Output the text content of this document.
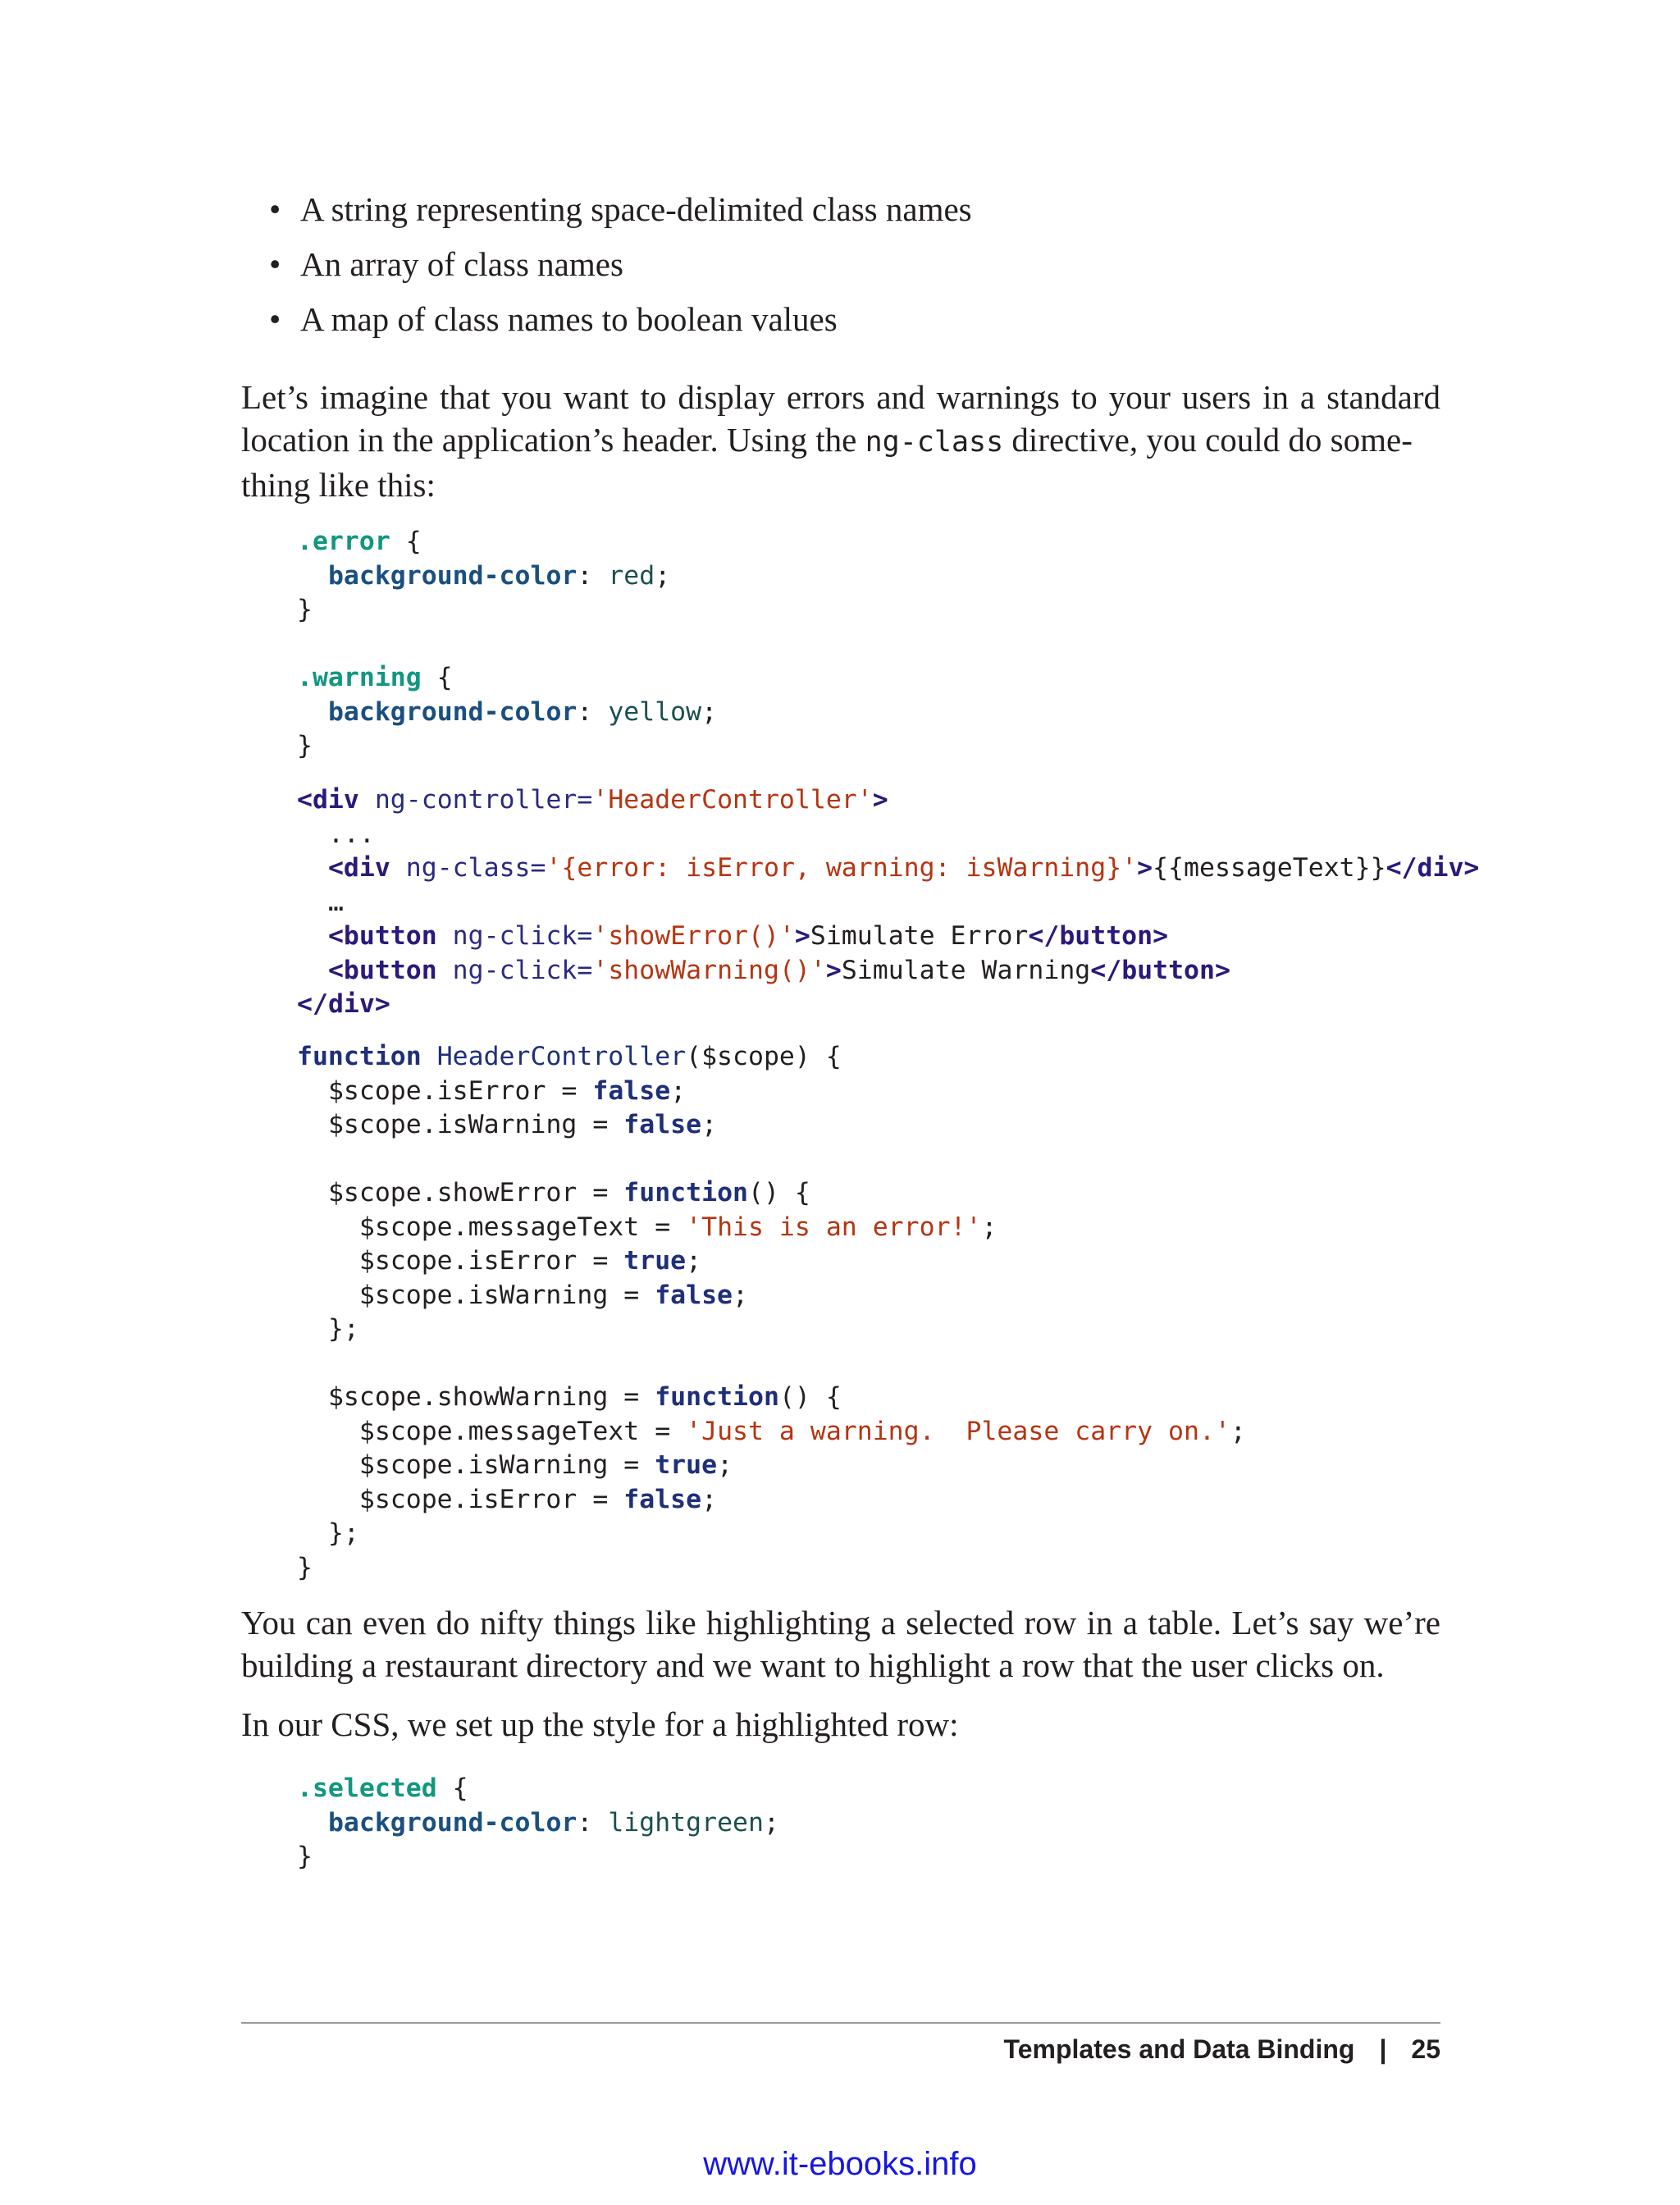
• A string representing space-delimited class names
• An array of class names
• A map of class names to boolean values

Let’s imagine that you want to display errors and warnings to your users in a standard location in the application’s header. Using the ng-class directive, you could do some-
thing like this:

.error {
background-color: red;
}

.warning {
background-color: yellow;
}
<div ng-controller='HeaderController'>
...
<div ng-class='{error: isError, warning: isWarning}'>{{messageText}}</div>
…
<button ng-click='showError()'>Simulate Error</button>
<button ng-click='showWarning()'>Simulate Warning</button>
</div>
function HeaderController($scope) {
$scope.isError = false;
$scope.isWarning = false;

$scope.showError = function() {
$scope.messageText = 'This is an error!';
$scope.isError = true;
$scope.isWarning = false;
};

$scope.showWarning = function() {
$scope.messageText = 'Just a warning.  Please carry on.';
$scope.isWarning = true;
$scope.isError = false;
};
}

You can even do nifty things like highlighting a selected row in a table. Let’s say we’re building a restaurant directory and we want to highlight a row that the user clicks on.

In our CSS, we set up the style for a highlighted row:

.selected {
background-color: lightgreen;
}
Templates and Data Binding | 25
www.it-ebooks.info
